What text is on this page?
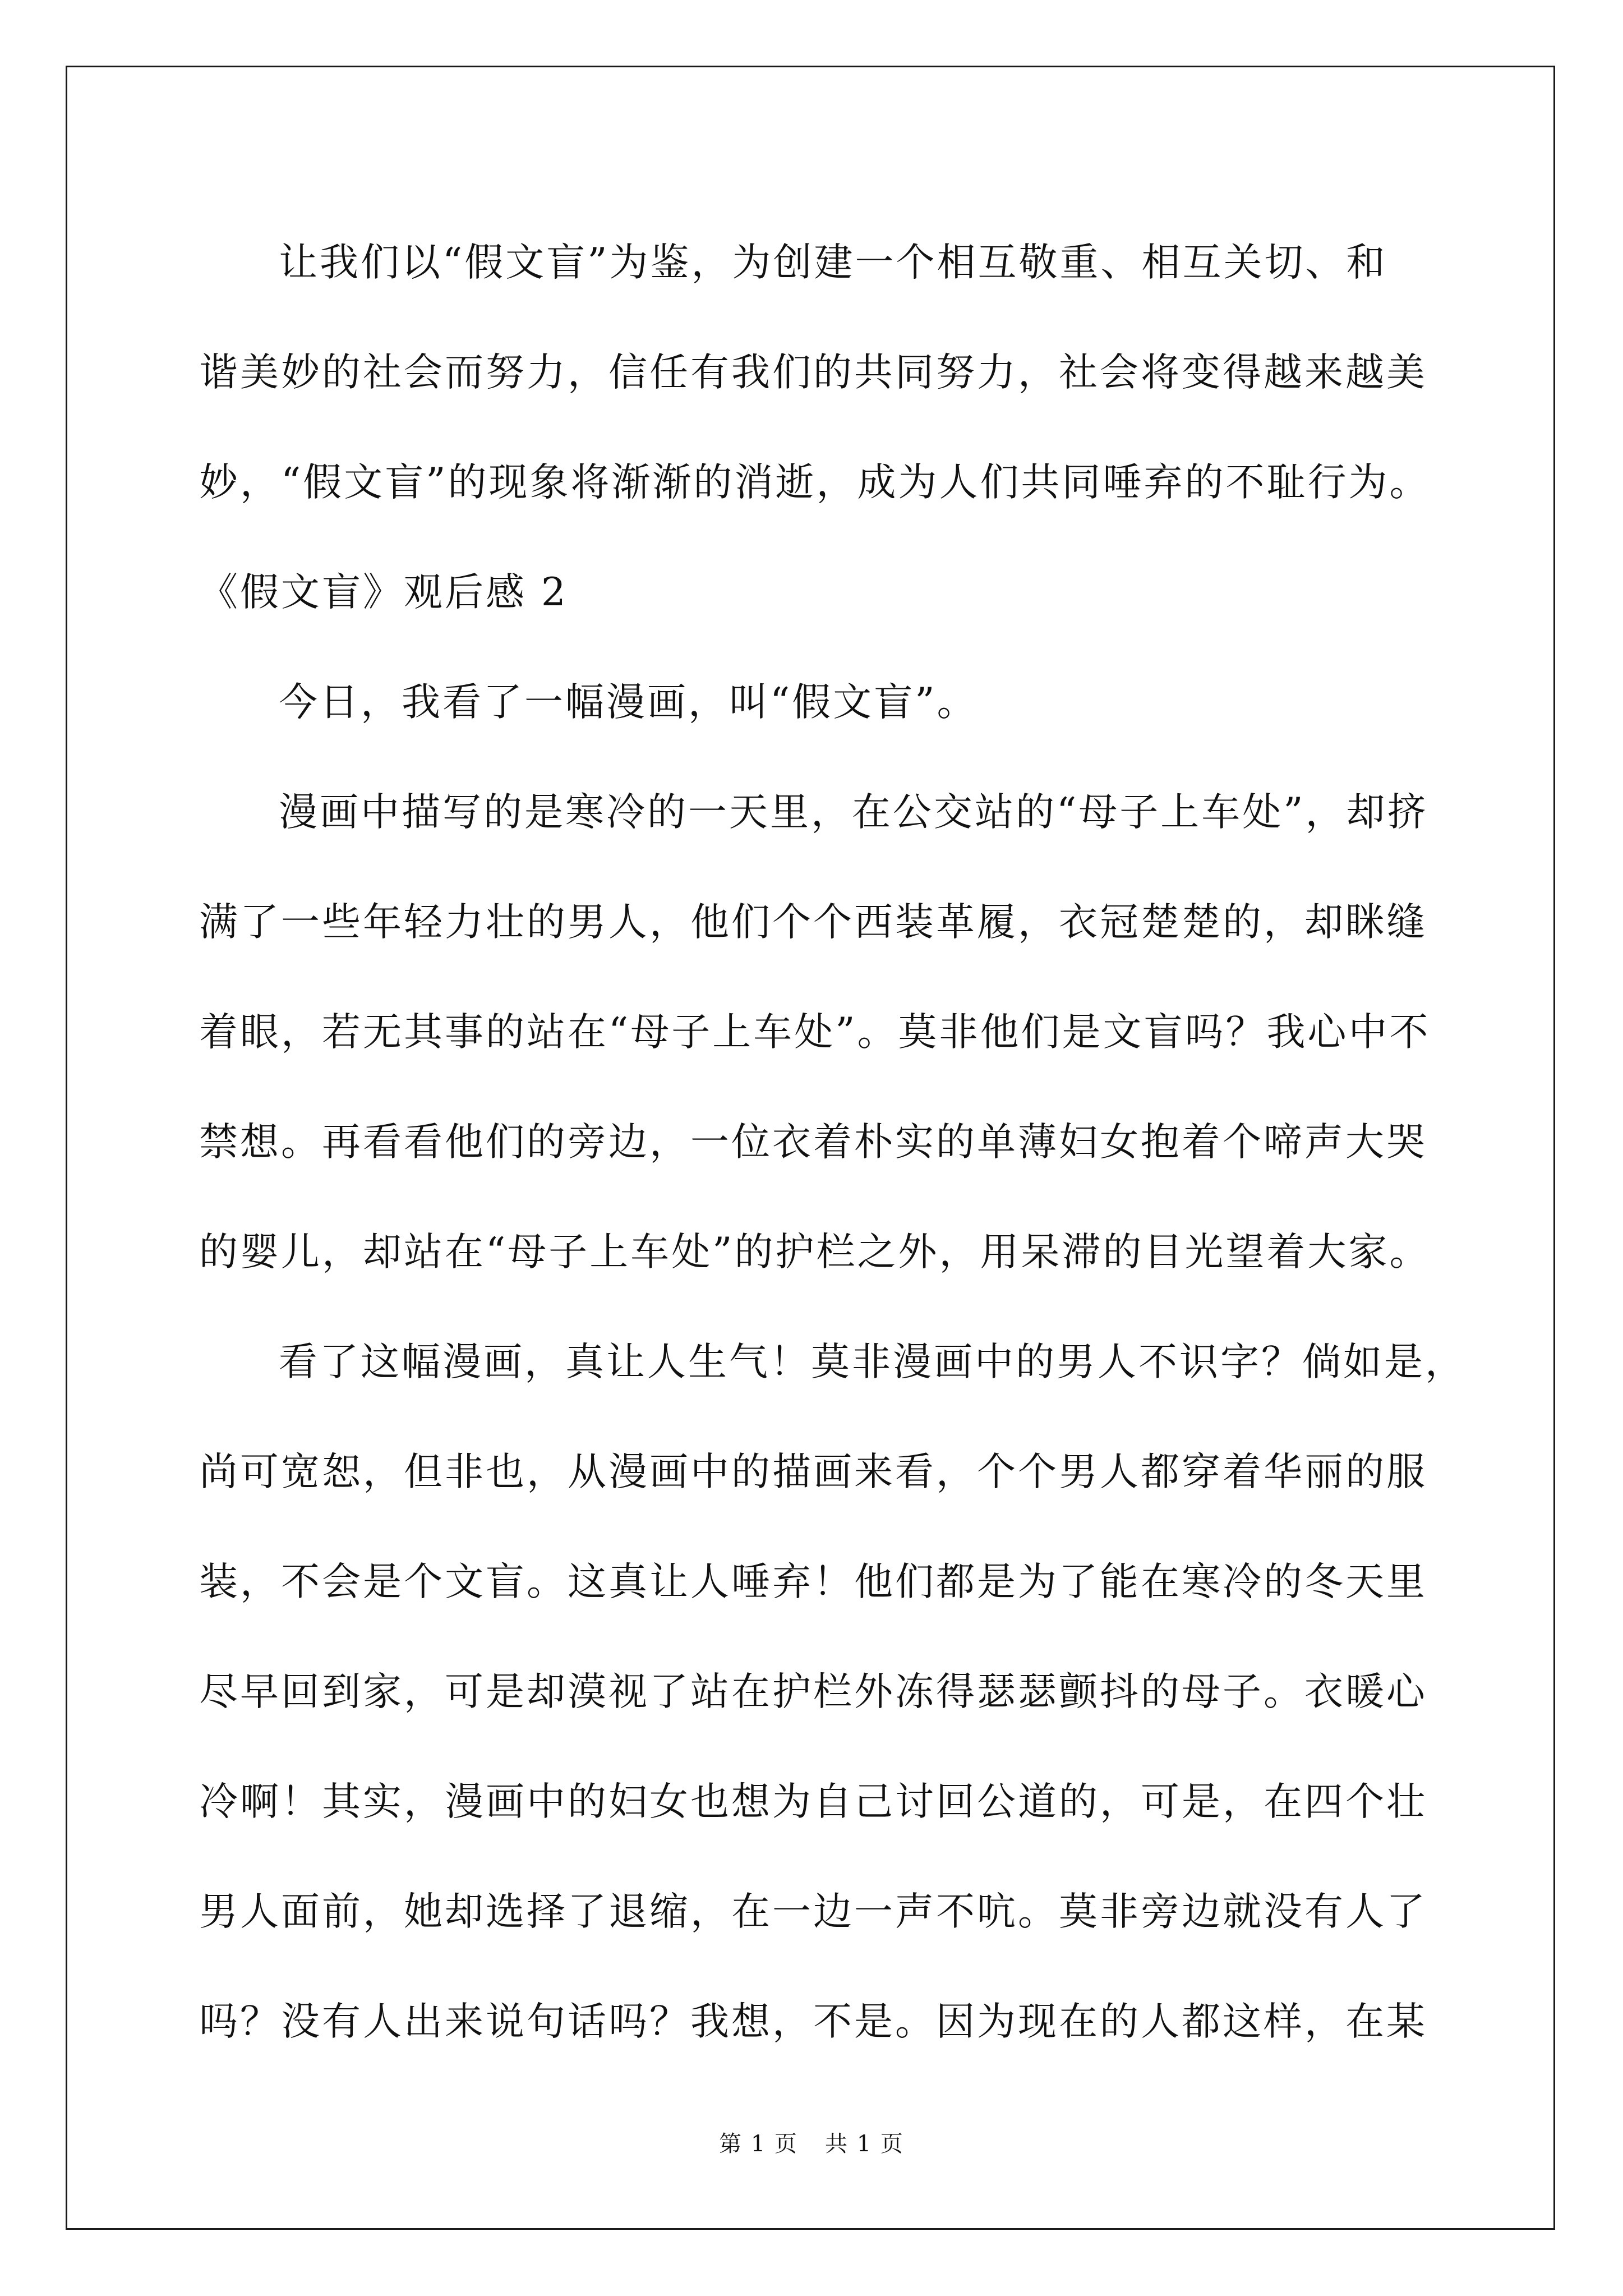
让我们以“假文盲”为鉴，为创建一个相互敬重、相互关切、和
谐美妙的社会而努力，信任有我们的共同努力，社会将变得越来越美
妙，“假文盲”的现象将渐渐的消逝，成为人们共同唾弃的不耻行为。
《假文盲》观后感 2
今日，我看了一幅漫画，叫“假文盲”。
漫画中描写的是寒冷的一天里，在公交站的“母子上车处”，却挤
满了一些年轻力壮的男人，他们个个西装革履，衣冠楚楚的，却眯缝
着眼，若无其事的站在“母子上车处”。莫非他们是文盲吗？我心中不
禁想。再看看他们的旁边，一位衣着朴实的单薄妇女抱着个啼声大哭
的婴儿，却站在“母子上车处”的护栏之外，用呆滞的目光望着大家。
看了这幅漫画，真让人生气！莫非漫画中的男人不识字？倘如是，
尚可宽恕，但非也，从漫画中的描画来看，个个男人都穿着华丽的服
装，不会是个文盲。这真让人唾弃！他们都是为了能在寒冷的冬天里
尽早回到家，可是却漠视了站在护栏外冻得瑟瑟颤抖的母子。衣暖心
冷啊！其实，漫画中的妇女也想为自己讨回公道的，可是，在四个壮
男人面前，她却选择了退缩，在一边一声不吭。莫非旁边就没有人了
吗？没有人出来说句话吗？我想，不是。因为现在的人都这样，在某
第 1 页 共 1 页
